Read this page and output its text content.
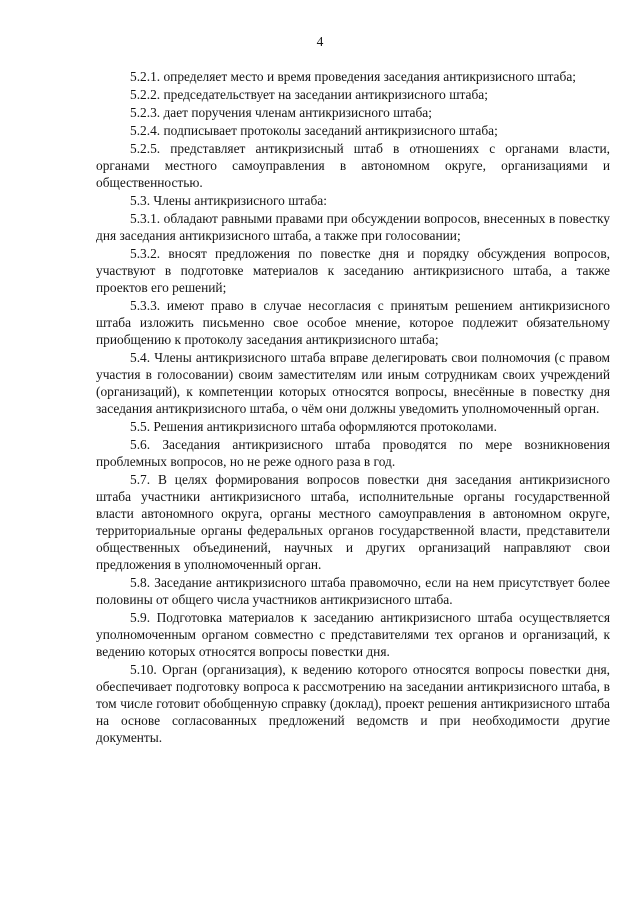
4

5.2.1. определяет место и время проведения заседания антикризисного штаба;

5.2.2. председательствует на заседании антикризисного штаба;

5.2.3. дает поручения членам антикризисного штаба;

5.2.4. подписывает протоколы заседаний антикризисного штаба;

5.2.5. представляет антикризисный штаб в отношениях с органами власти, органами местного самоуправления в автономном округе, организациями и общественностью.

5.3. Члены антикризисного штаба:

5.3.1. обладают равными правами при обсуждении вопросов, внесенных в повестку дня заседания антикризисного штаба, а также при голосовании;

5.3.2. вносят предложения по повестке дня и порядку обсуждения вопросов, участвуют в подготовке материалов к заседанию антикризисного штаба, а также проектов его решений;

5.3.3. имеют право в случае несогласия с принятым решением антикризисного штаба изложить письменно свое особое мнение, которое подлежит обязательному приобщению к протоколу заседания антикризисного штаба;

5.4. Члены антикризисного штаба вправе делегировать свои полномочия (с правом участия в голосовании) своим заместителям или иным сотрудникам своих учреждений (организаций), к компетенции которых относятся вопросы, внесённые в повестку дня заседания антикризисного штаба, о чём они должны уведомить уполномоченный орган.

5.5. Решения антикризисного штаба оформляются протоколами.

5.6. Заседания антикризисного штаба проводятся по мере возникновения проблемных вопросов, но не реже одного раза в год.

5.7. В целях формирования вопросов повестки дня заседания антикризисного штаба участники антикризисного штаба, исполнительные органы государственной власти автономного округа, органы местного самоуправления в автономном округе, территориальные органы федеральных органов государственной власти, представители общественных объединений, научных и других организаций направляют свои предложения в уполномоченный орган.

5.8. Заседание антикризисного штаба правомочно, если на нем присутствует более половины от общего числа участников антикризисного штаба.

5.9. Подготовка материалов к заседанию антикризисного штаба осуществляется уполномоченным органом совместно с представителями тех органов и организаций, к ведению которых относятся вопросы повестки дня.

5.10. Орган (организация), к ведению которого относятся вопросы повестки дня, обеспечивает подготовку вопроса к рассмотрению на заседании антикризисного штаба, в том числе готовит обобщенную справку (доклад), проект решения антикризисного штаба на основе согласованных предложений ведомств и при необходимости другие документы.
